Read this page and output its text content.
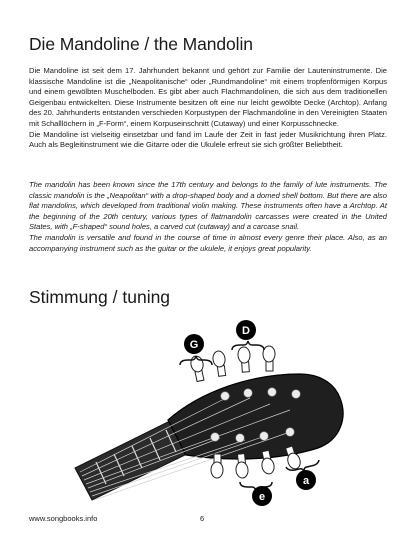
Die Mandoline / the Mandolin

Die Mandoline ist seit dem 17. Jahrhundert bekannt und gehört zur Familie der Lauteninstrumente. Die klassische Mandoline ist die „Neapolitanische“ oder „Rundmandoline“ mit einem tropfenförmigen Korpus und einem gewölbten Muschelboden. Es gibt aber auch Flachmandolinen, die sich aus dem traditionellen Geigenbau entwickelten. Diese Instrumente besitzen oft eine nur leicht gewölbte Decke (Archtop). Anfang des 20. Jahrhunderts entstanden verschieden Korpustypen der Flachmandoline in den Vereinigten Staaten mit Schalllöchern in „F-Form“, einem Korpuseinschnitt (Cutaway) und einer Korpusschnecke.

Die Mandoline ist vielseitig einsetzbar und fand im Laufe der Zeit in fast jeder Musikrichtung ihren Platz. Auch als Begleitinstrument wie die Gitarre oder die Ukulele erfreut sie sich größter Beliebtheit.

The mandolin has been known since the 17th century and belongs to the family of lute instruments. The classic mandolin is the „Neapolitan“ with a drop-shaped body and a domed shell bottom. But there are also flat mandolins, which developed from traditional violin making. These instruments often have a Archtop. At the beginning of the 20th century, various types of flatmandolin carcasses were created in the United States, with „F-shaped“ sound holes, a carved cut (cutaway) and a carcase snail.

The mandolin is versatile and found in the course of time in almost every genre their place. Also, as an accompanying instrument such as the guitar or the ukulele, it enjoys great popularity.

Stimmung / tuning
G
D
a
e
www.songbooks.info	6
